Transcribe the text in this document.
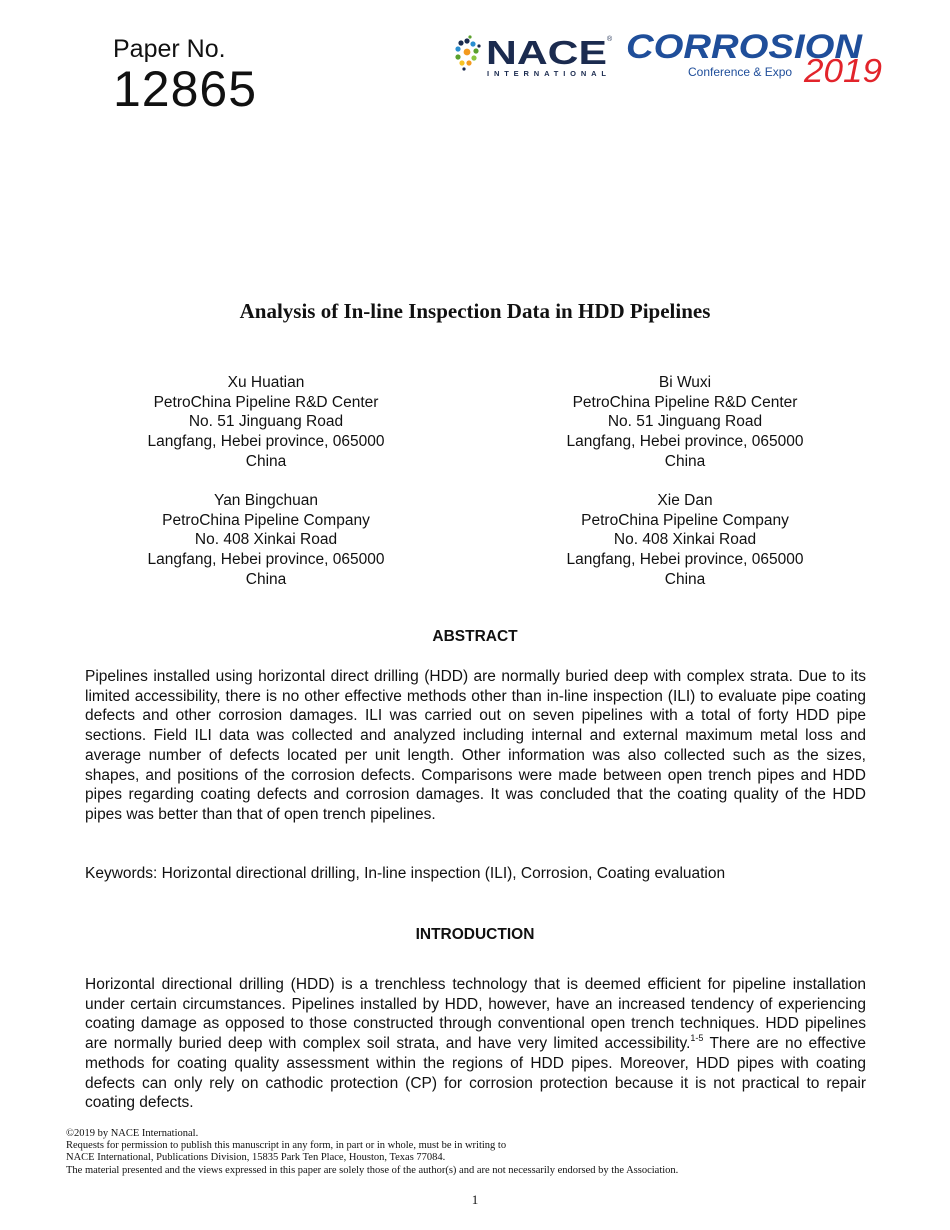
Paper No.
12865
NACE ®
INTERNATIONAL
CORROSION
Conference & Expo 2019
Analysis of In-line Inspection Data in HDD Pipelines
Xu Huatian
PetroChina Pipeline R&D Center
No. 51 Jinguang Road
Langfang, Hebei province, 065000
China
Bi Wuxi
PetroChina Pipeline R&D Center
No. 51 Jinguang Road
Langfang, Hebei province, 065000
China
Yan Bingchuan
PetroChina Pipeline Company
No. 408 Xinkai Road
Langfang, Hebei province, 065000
China
Xie Dan
PetroChina Pipeline Company
No. 408 Xinkai Road
Langfang, Hebei province, 065000
China
ABSTRACT
Pipelines installed using horizontal direct drilling (HDD) are normally buried deep with complex strata. Due to its limited accessibility, there is no other effective methods other than in-line inspection (ILI) to evaluate pipe coating defects and other corrosion damages. ILI was carried out on seven pipelines with a total of forty HDD pipe sections. Field ILI data was collected and analyzed including internal and external maximum metal loss and average number of defects located per unit length. Other information was also collected such as the sizes, shapes, and positions of the corrosion defects. Comparisons were made between open trench pipes and HDD pipes regarding coating defects and corrosion damages. It was concluded that the coating quality of the HDD pipes was better than that of open trench pipelines.
Keywords: Horizontal directional drilling, In-line inspection (ILI), Corrosion, Coating evaluation
INTRODUCTION
Horizontal directional drilling (HDD) is a trenchless technology that is deemed efficient for pipeline installation under certain circumstances. Pipelines installed by HDD, however, have an increased tendency of experiencing coating damage as opposed to those constructed through conventional open trench techniques. HDD pipelines are normally buried deep with complex soil strata, and have very limited accessibility.$^{1-5}$ There are no effective methods for coating quality assessment within the regions of HDD pipes. Moreover, HDD pipes with coating defects can only rely on cathodic protection (CP) for corrosion protection because it is not practical to repair coating defects.
©2019 by NACE International.
Requests for permission to publish this manuscript in any form, in part or in whole, must be in writing to
NACE International, Publications Division, 15835 Park Ten Place, Houston, Texas 77084.
The material presented and the views expressed in this paper are solely those of the author(s) and are not necessarily endorsed by the Association.
1
